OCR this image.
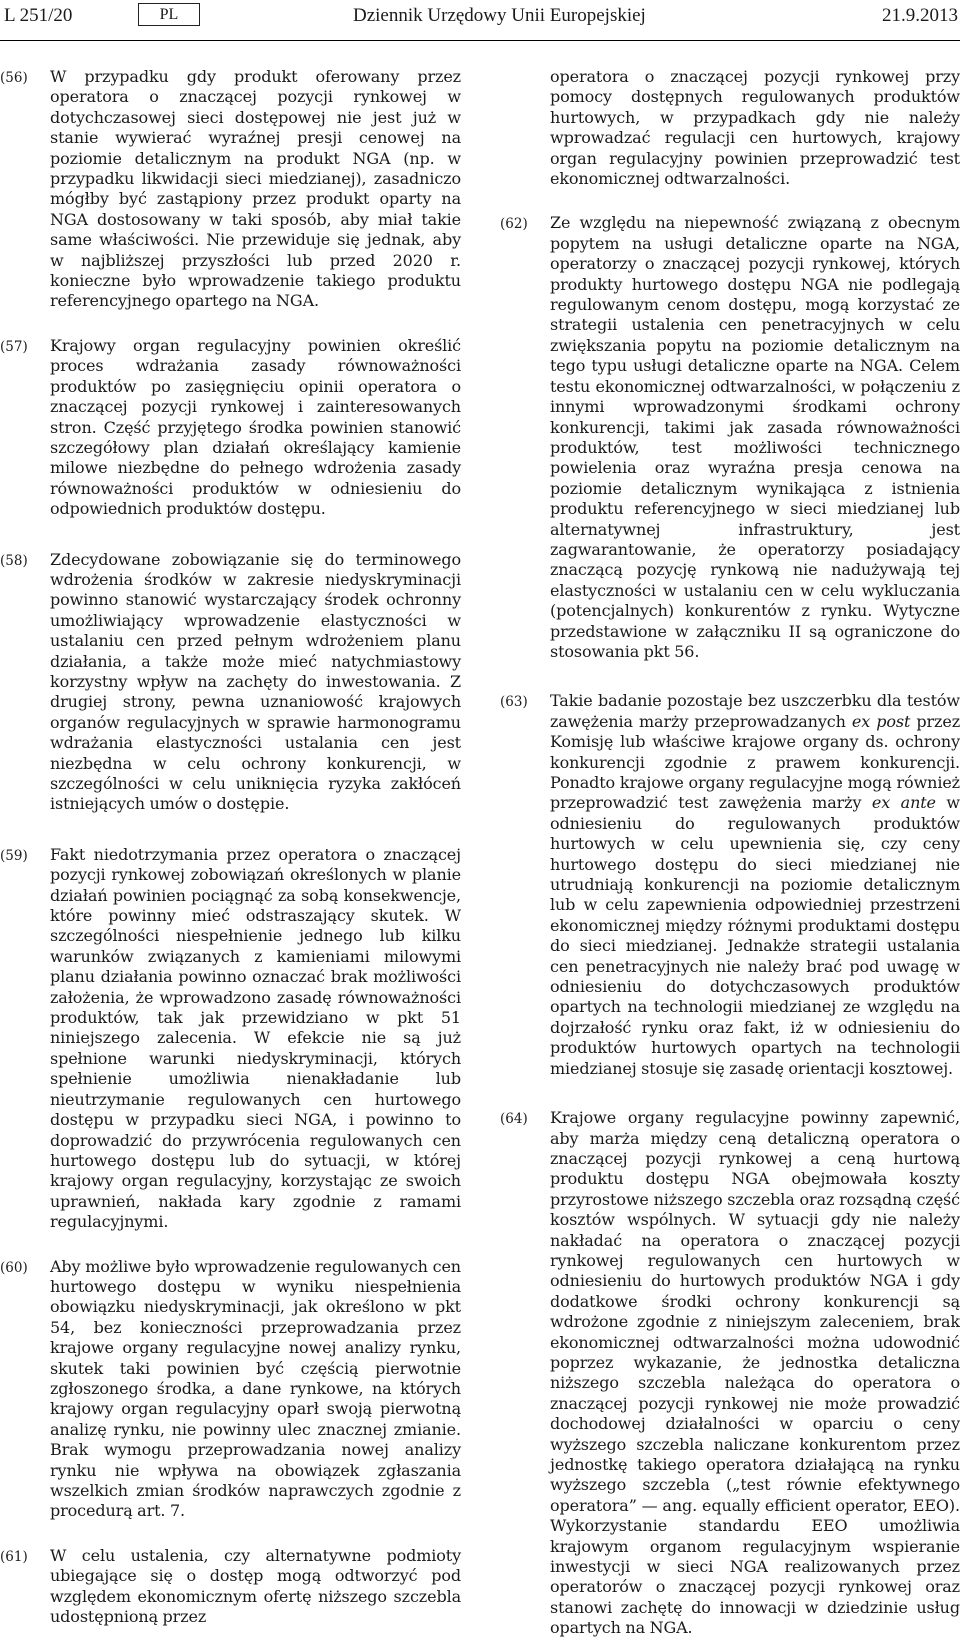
L 251/20	PL	Dziennik Urzędowy Unii Europejskiej	21.9.2013
(56)	W przypadku gdy produkt oferowany przez operatora o znaczącej pozycji rynkowej w dotychczasowej sieci dostępowej nie jest już w stanie wywierać wyraźnej presji cenowej na poziomie detalicznym na produkt NGA (np. w przypadku likwidacji sieci miedzianej), zasadniczo mógłby być zastąpiony przez produkt oparty na NGA dostosowany w taki sposób, aby miał takie same właściwości. Nie przewiduje się jednak, aby w najbliższej przyszłości lub przed 2020 r. konieczne było wprowadzenie takiego produktu referencyjnego opartego na NGA.
(57)	Krajowy organ regulacyjny powinien określić proces wdrażania zasady równoważności produktów po zasięgnięciu opinii operatora o znaczącej pozycji rynkowej i zainteresowanych stron. Część przyjętego środka powinien stanowić szczegółowy plan działań określający kamienie milowe niezbędne do pełnego wdrożenia zasady równoważności produktów w odniesieniu do odpowiednich produktów dostępu.
(58)	Zdecydowane zobowiązanie się do terminowego wdrożenia środków w zakresie niedyskryminacji powinno stanowić wystarczający środek ochronny umożliwiający wprowadzenie elastyczności w ustalaniu cen przed pełnym wdrożeniem planu działania, a także może mieć natychmiastowy korzystny wpływ na zachęty do inwestowania. Z drugiej strony, pewna uznaniowość krajowych organów regulacyjnych w sprawie harmonogramu wdrażania elastyczności ustalania cen jest niezbędna w celu ochrony konkurencji, w szczególności w celu uniknięcia ryzyka zakłóceń istniejących umów o dostępie.
(59)	Fakt niedotrzymania przez operatora o znaczącej pozycji rynkowej zobowiązań określonych w planie działań powinien pociągnąć za sobą konsekwencje, które powinny mieć odstraszający skutek. W szczególności niespełnienie jednego lub kilku warunków związanych z kamieniami milowymi planu działania powinno oznaczać brak możliwości założenia, że wprowadzono zasadę równoważności produktów, tak jak przewidziano w pkt 51 niniejszego zalecenia. W efekcie nie są już spełnione warunki niedyskryminacji, których spełnienie umożliwia nienakładanie lub nieutrzymanie regulowanych cen hurtowego dostępu w przypadku sieci NGA, i powinno to doprowadzić do przywrócenia regulowanych cen hurtowego dostępu lub do sytuacji, w której krajowy organ regulacyjny, korzystając ze swoich uprawnień, nakłada kary zgodnie z ramami regulacyjnymi.
(60)	Aby możliwe było wprowadzenie regulowanych cen hurtowego dostępu w wyniku niespełnienia obowiązku niedyskryminacji, jak określono w pkt 54, bez konieczności przeprowadzania przez krajowe organy regulacyjne nowej analizy rynku, skutek taki powinien być częścią pierwotnie zgłoszonego środka, a dane rynkowe, na których krajowy organ regulacyjny oparł swoją pierwotną analizę rynku, nie powinny ulec znacznej zmianie. Brak wymogu przeprowadzania nowej analizy rynku nie wpływa na obowiązek zgłaszania wszelkich zmian środków naprawczych zgodnie z procedurą art. 7.
(61)	W celu ustalenia, czy alternatywne podmioty ubiegające się o dostęp mogą odtworzyć pod względem ekonomicznym ofertę niższego szczebla udostępnioną przez
operatora o znaczącej pozycji rynkowej przy pomocy dostępnych regulowanych produktów hurtowych, w przypadkach gdy nie należy wprowadzać regulacji cen hurtowych, krajowy organ regulacyjny powinien przeprowadzić test ekonomicznej odtwarzalności.
(62)	Ze względu na niepewność związaną z obecnym popytem na usługi detaliczne oparte na NGA, operatorzy o znaczącej pozycji rynkowej, których produkty hurtowego dostępu NGA nie podlegają regulowanym cenom dostępu, mogą korzystać ze strategii ustalenia cen penetracyjnych w celu zwiększania popytu na poziomie detalicznym na tego typu usługi detaliczne oparte na NGA. Celem testu ekonomicznej odtwarzalności, w połączeniu z innymi wprowadzonymi środkami ochrony konkurencji, takimi jak zasada równoważności produktów, test możliwości technicznego powielenia oraz wyraźna presja cenowa na poziomie detalicznym wynikająca z istnienia produktu referencyjnego w sieci miedzianej lub alternatywnej infrastruktury, jest zagwarantowanie, że operatorzy posiadający znaczącą pozycję rynkową nie nadużywają tej elastyczności w ustalaniu cen w celu wykluczania (potencjalnych) konkurentów z rynku. Wytyczne przedstawione w załączniku II są ograniczone do stosowania pkt 56.
(63)	Takie badanie pozostaje bez uszczerbku dla testów zawężenia marży przeprowadzanych ex post przez Komisję lub właściwe krajowe organy ds. ochrony konkurencji zgodnie z prawem konkurencji. Ponadto krajowe organy regulacyjne mogą również przeprowadzić test zawężenia marży ex ante w odniesieniu do regulowanych produktów hurtowych w celu upewnienia się, czy ceny hurtowego dostępu do sieci miedzianej nie utrudniają konkurencji na poziomie detalicznym lub w celu zapewnienia odpowiedniej przestrzeni ekonomicznej między różnymi produktami dostępu do sieci miedzianej. Jednakże strategii ustalania cen penetracyjnych nie należy brać pod uwagę w odniesieniu do dotychczasowych produktów opartych na technologii miedzianej ze względu na dojrzałość rynku oraz fakt, iż w odniesieniu do produktów hurtowych opartych na technologii miedzianej stosuje się zasadę orientacji kosztowej.
(64)	Krajowe organy regulacyjne powinny zapewnić, aby marża między ceną detaliczną operatora o znaczącej pozycji rynkowej a ceną hurtową produktu dostępu NGA obejmowała koszty przyrostowe niższego szczebla oraz rozsądną część kosztów wspólnych. W sytuacji gdy nie należy nakładać na operatora o znaczącej pozycji rynkowej regulowanych cen hurtowych w odniesieniu do hurtowych produktów NGA i gdy dodatkowe środki ochrony konkurencji są wdrożone zgodnie z niniejszym zaleceniem, brak ekonomicznej odtwarzalności można udowodnić poprzez wykazanie, że jednostka detaliczna niższego szczebla należąca do operatora o znaczącej pozycji rynkowej nie może prowadzić dochodowej działalności w oparciu o ceny wyższego szczebla naliczane konkurentom przez jednostkę takiego operatora działającą na rynku wyższego szczebla („test równie efektywnego operatora” — ang. equally efficient operator, EEO). Wykorzystanie standardu EEO umożliwia krajowym organom regulacyjnym wspieranie inwestycji w sieci NGA realizowanych przez operatorów o znaczącej pozycji rynkowej oraz stanowi zachętę do innowacji w dziedzinie usług opartych na NGA.
